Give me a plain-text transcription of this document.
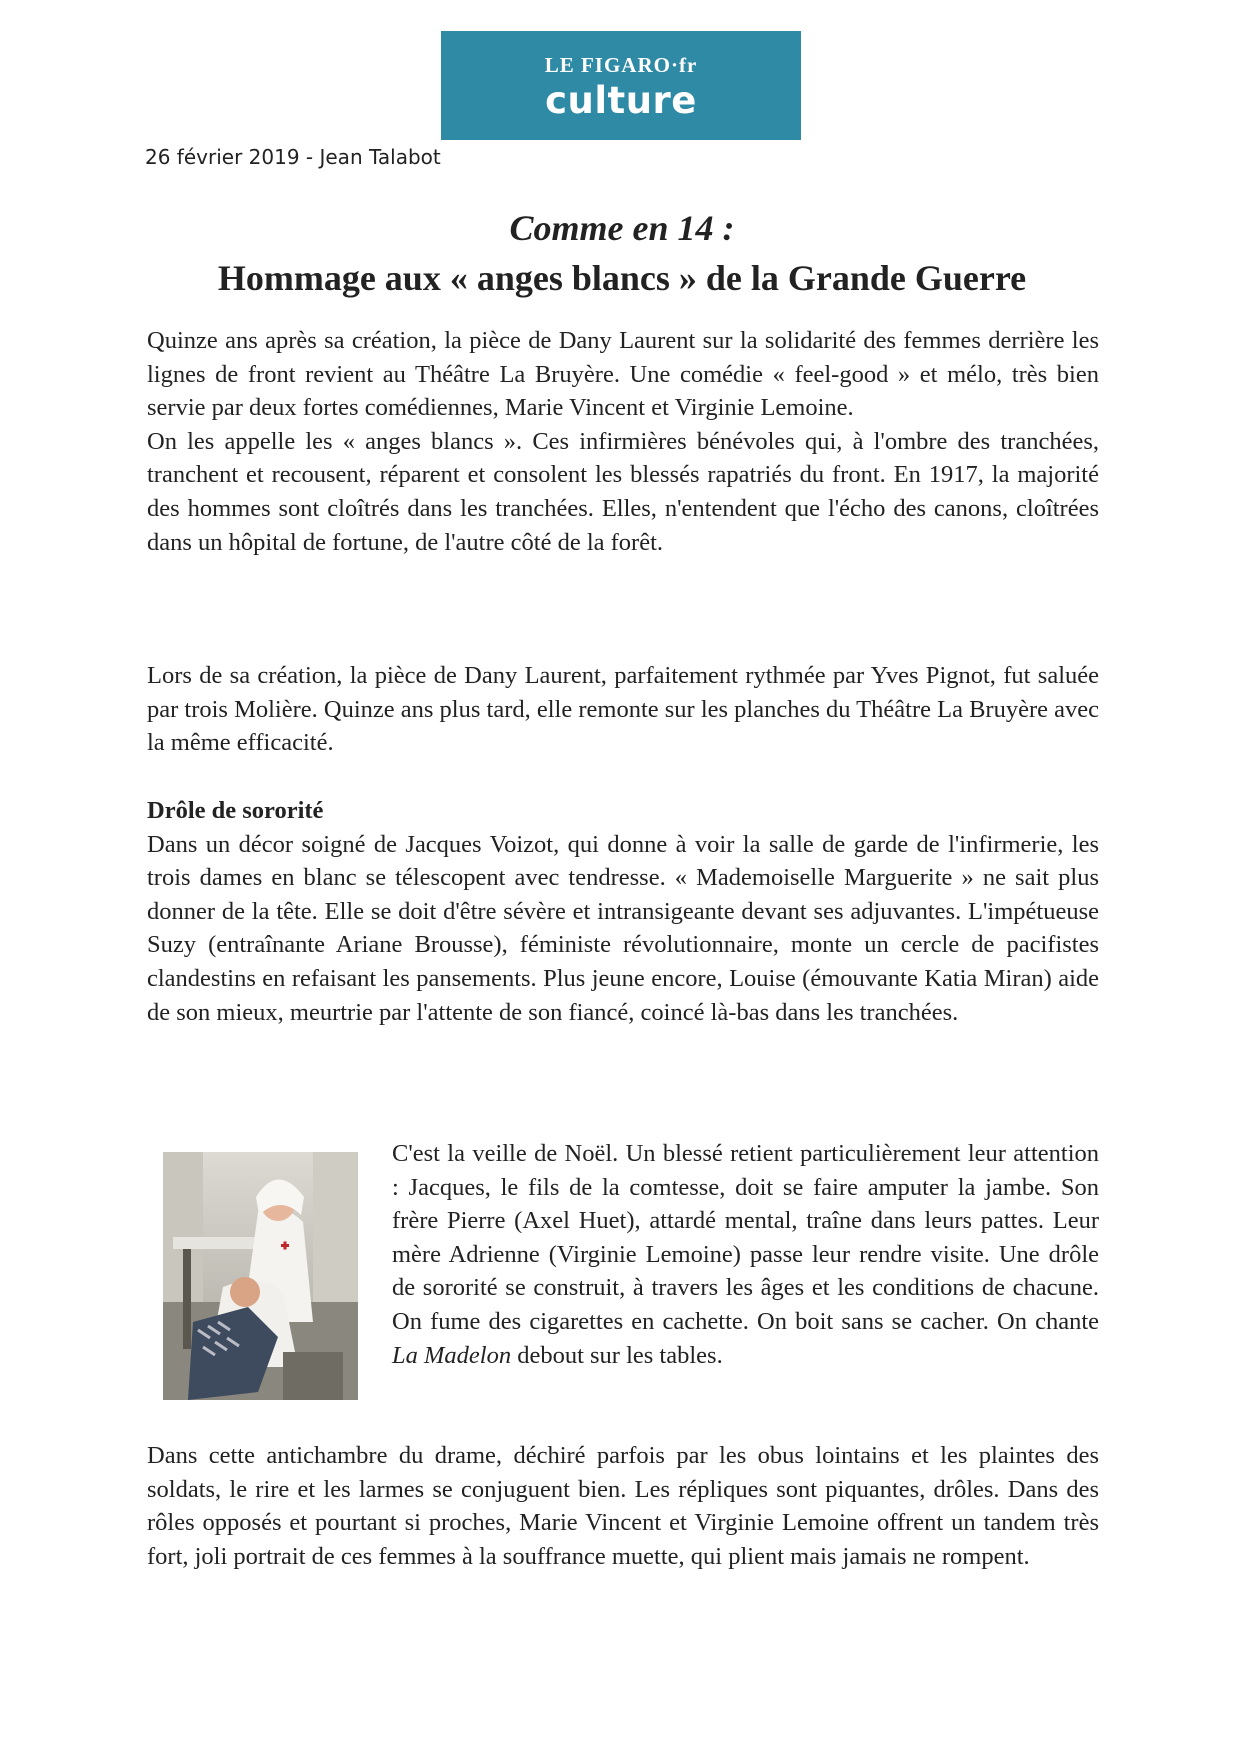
LE FIGARO·fr
culture
26 février 2019 - Jean Talabot
Comme en 14 :
Hommage aux « anges blancs » de la Grande Guerre

Quinze ans après sa création, la pièce de Dany Laurent sur la solidarité des femmes derrière les lignes de front revient au Théâtre La Bruyère. Une comédie « feel-good » et mélo, très bien servie par deux fortes comédiennes, Marie Vincent et Virginie Lemoine.

On les appelle les « anges blancs ». Ces infirmières bénévoles qui, à l'ombre des tranchées, tranchent et recousent, réparent et consolent les blessés rapatriés du front. En 1917, la majorité des hommes sont cloîtrés dans les tranchées. Elles, n'entendent que l'écho des canons, cloîtrées dans un hôpital de fortune, de l'autre côté de la forêt.

Lors de sa création, la pièce de Dany Laurent, parfaitement rythmée par Yves Pignot, fut saluée par trois Molière. Quinze ans plus tard, elle remonte sur les planches du Théâtre La Bruyère avec la même efficacité.

Drôle de sororité

Dans un décor soigné de Jacques Voizot, qui donne à voir la salle de garde de l'infirmerie, les trois dames en blanc se télescopent avec tendresse. « Mademoiselle Marguerite » ne sait plus donner de la tête. Elle se doit d'être sévère et intransigeante devant ses adjuvantes. L'impétueuse Suzy (entraînante Ariane Brousse), féministe révolutionnaire, monte un cercle de pacifistes clandestins en refaisant les pansements. Plus jeune encore, Louise (émouvante Katia Miran) aide de son mieux, meurtrie par l'attente de son fiancé, coincé là-bas dans les tranchées.

C'est la veille de Noël. Un blessé retient particulièrement leur attention : Jacques, le fils de la comtesse, doit se faire amputer la jambe. Son frère Pierre (Axel Huet), attardé mental, traîne dans leurs pattes. Leur mère Adrienne (Virginie Lemoine) passe leur rendre visite. Une drôle de sororité se construit, à travers les âges et les conditions de chacune. On fume des cigarettes en cachette. On boit sans se cacher. On chante La Madelon debout sur les tables.

Dans cette antichambre du drame, déchiré parfois par les obus lointains et les plaintes des soldats, le rire et les larmes se conjuguent bien. Les répliques sont piquantes, drôles. Dans des rôles opposés et pourtant si proches, Marie Vincent et Virginie Lemoine offrent un tandem très fort, joli portrait de ces femmes à la souffrance muette, qui plient mais jamais ne rompent.
